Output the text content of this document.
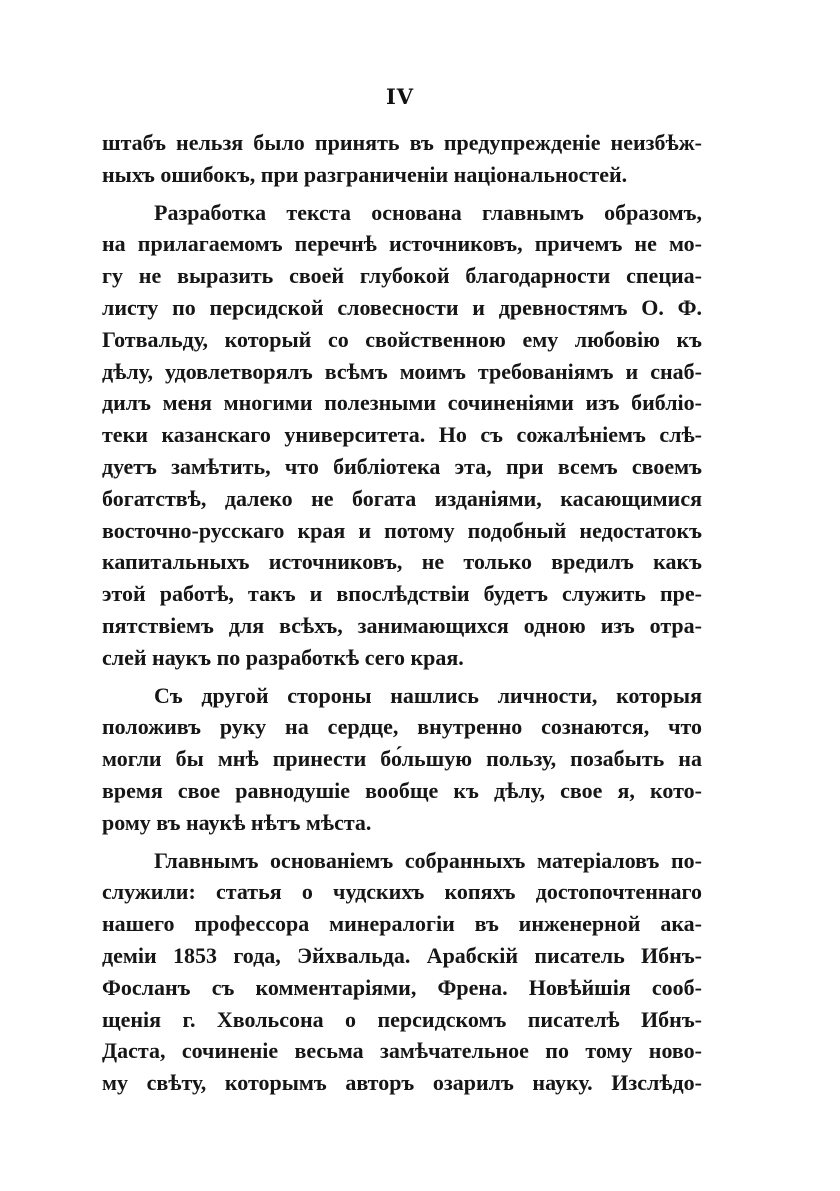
IV
штабъ нельзя было принять въ предупрежденіе неизбѣж-
ныхъ ошибокъ, при разграниченіи національностей.
Разработка текста основана главнымъ образомъ,
на прилагаемомъ перечнѣ источниковъ, причемъ не мо-
гу не выразить своей глубокой благодарности специа-
листу по персидской словесности и древностямъ О. Ф.
Готвальду, который со свойственною ему любовію къ
дѣлу, удовлетворялъ всѣмъ моимъ требованіямъ и снаб-
дилъ меня многими полезными сочиненіями изъ библіо-
теки казанскаго университета. Но съ сожалѣніемъ слѣ-
дуетъ замѣтить, что библіотека эта, при всемъ своемъ
богатствѣ, далеко не богата изданіями, касающимися
восточно-русскаго края и потому подобный недостатокъ
капитальныхъ источниковъ, не только вредилъ какъ
этой работѣ, такъ и впослѣдствіи будетъ служить пре-
пятствіемъ для всѣхъ, занимающихся одною изъ отра-
слей наукъ по разработкѣ сего края.
Съ другой стороны нашлись личности, которыя
положивъ руку на сердце, внутренно сознаются, что
могли бы мнѣ принести бо́льшую пользу, позабыть на
время свое равнодушіе вообще къ дѣлу, свое я, кото-
рому въ наукѣ нѣтъ мѣста.
Главнымъ основаніемъ собранныхъ матеріаловъ по-
служили: статья о чудскихъ копяхъ достопочтеннаго
нашего профессора минералогіи въ инженерной ака-
деміи 1853 года, Эйхвальда. Арабскій писатель Ибнъ-
Фосланъ съ комментаріями, Френа. Новѣйшія сооб-
щенія г. Хвольсона о персидскомъ писателѣ Ибнъ-
Даста, сочиненіе весьма замѣчательное по тому ново-
му свѣту, которымъ авторъ озарилъ науку. Изслѣдо-
